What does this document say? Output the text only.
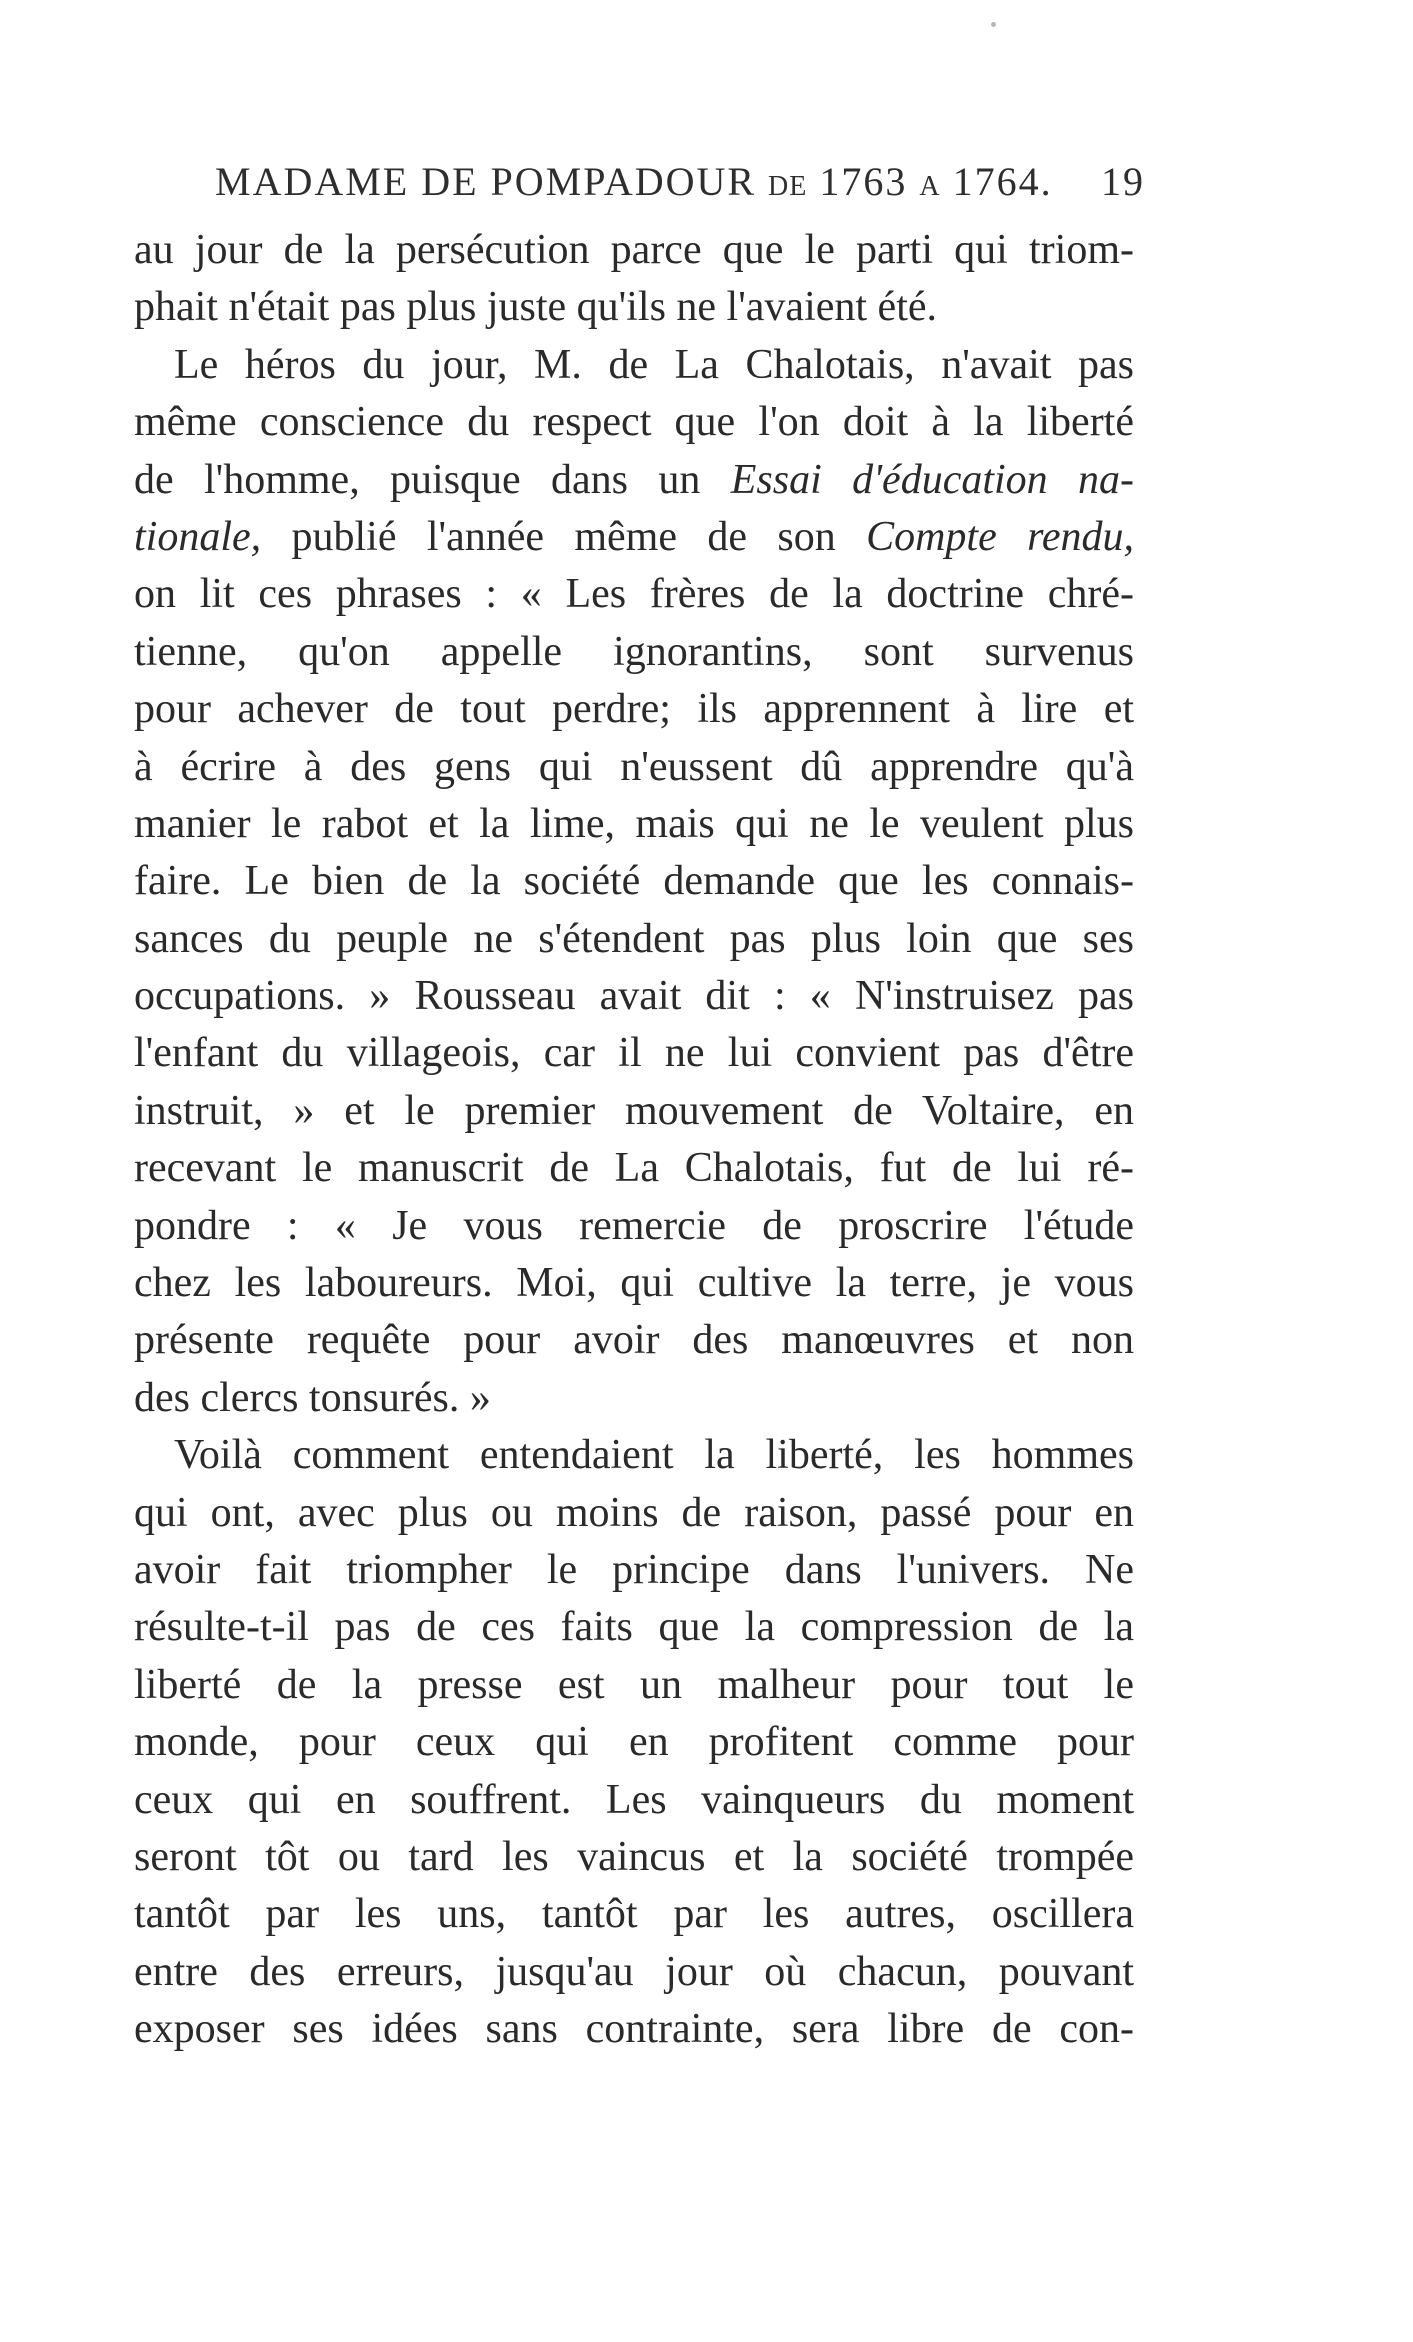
MADAME DE POMPADOUR DE 1763 A 1764. 19
au jour de la persécution parce que le parti qui triom-
phait n'était pas plus juste qu'ils ne l'avaient été.
Le héros du jour, M. de La Chalotais, n'avait pas
même conscience du respect que l'on doit à la liberté
de l'homme, puisque dans un Essai d'éducation na-
tionale, publié l'année même de son Compte rendu,
on lit ces phrases : « Les frères de la doctrine chré-
tienne, qu'on appelle ignorantins, sont survenus
pour achever de tout perdre; ils apprennent à lire et
à écrire à des gens qui n'eussent dû apprendre qu'à
manier le rabot et la lime, mais qui ne le veulent plus
faire. Le bien de la société demande que les connais-
sances du peuple ne s'étendent pas plus loin que ses
occupations. » Rousseau avait dit : « N'instruisez pas
l'enfant du villageois, car il ne lui convient pas d'être
instruit, » et le premier mouvement de Voltaire, en
recevant le manuscrit de La Chalotais, fut de lui ré-
pondre : « Je vous remercie de proscrire l'étude
chez les laboureurs. Moi, qui cultive la terre, je vous
présente requête pour avoir des manœuvres et non
des clercs tonsurés. »
Voilà comment entendaient la liberté, les hommes
qui ont, avec plus ou moins de raison, passé pour en
avoir fait triompher le principe dans l'univers. Ne
résulte-t-il pas de ces faits que la compression de la
liberté de la presse est un malheur pour tout le
monde, pour ceux qui en profitent comme pour
ceux qui en souffrent. Les vainqueurs du moment
seront tôt ou tard les vaincus et la société trompée
tantôt par les uns, tantôt par les autres, oscillera
entre des erreurs, jusqu'au jour où chacun, pouvant
exposer ses idées sans contrainte, sera libre de con-
